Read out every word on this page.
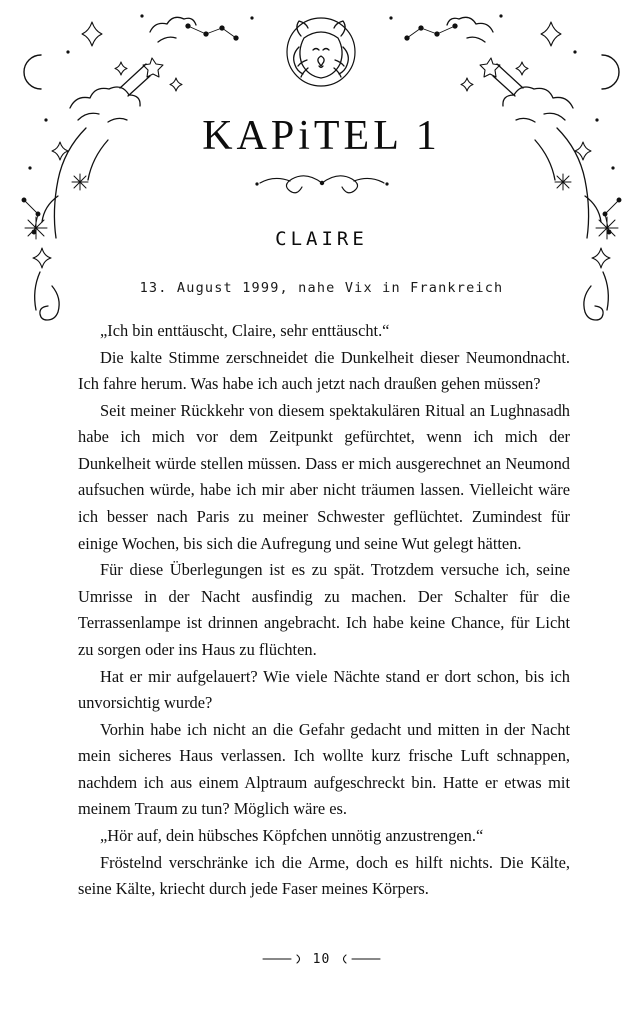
KAPiTEL 1
CLAIRE
13. August 1999, nahe Vix in Frankreich

„Ich bin enttäuscht, Claire, sehr enttäuscht.“

Die kalte Stimme zerschneidet die Dunkelheit dieser Neumondnacht. Ich fahre herum. Was habe ich auch jetzt nach draußen gehen müssen?

Seit meiner Rückkehr von diesem spektakulären Ritual an Lughnasadh habe ich mich vor dem Zeitpunkt gefürchtet, wenn ich mich der Dunkelheit würde stellen müssen. Dass er mich ausgerechnet an Neumond aufsuchen würde, habe ich mir aber nicht träumen lassen. Vielleicht wäre ich besser nach Paris zu meiner Schwester geflüchtet. Zumindest für einige Wochen, bis sich die Aufregung und seine Wut gelegt hätten.

Für diese Überlegungen ist es zu spät. Trotzdem versuche ich, seine Umrisse in der Nacht ausfindig zu machen. Der Schalter für die Terrassenlampe ist drinnen angebracht. Ich habe keine Chance, für Licht zu sorgen oder ins Haus zu flüchten.

Hat er mir aufgelauert? Wie viele Nächte stand er dort schon, bis ich unvorsichtig wurde?

Vorhin habe ich nicht an die Gefahr gedacht und mitten in der Nacht mein sicheres Haus verlassen. Ich wollte kurz frische Luft schnappen, nachdem ich aus einem Alptraum aufgeschreckt bin. Hatte er etwas mit meinem Traum zu tun? Möglich wäre es.

„Hör auf, dein hübsches Köpfchen unnötig anzustrengen.“

Fröstelnd verschränke ich die Arme, doch es hilft nichts. Die Kälte, seine Kälte, kriecht durch jede Faser meines Körpers.

10
